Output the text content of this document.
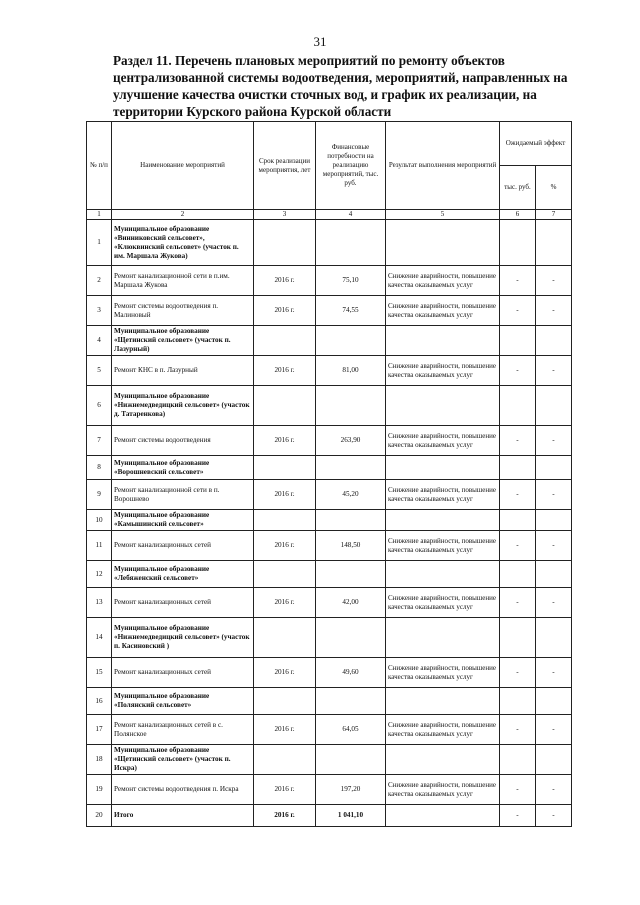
31
Раздел 11. Перечень плановых мероприятий по ремонту объектов
централизованной системы водоотведения, мероприятий, направленных на
улучшение качества очистки сточных вод, и график их реализации, на
территории Курского района Курской области
№ п/п	Наименование мероприятий	Срок реализации мероприятия, лет	Финансовые потребности на реализацию мероприятий, тыс. руб.	Результат выполнения мероприятий	Ожидаемый эффект	
					тыс. руб.	%
1	2	3	4	5	6	7
1	Муниципальное образование «Винниковский сельсовет», «Клюквинский сельсовет» (участок п. им. Маршала Жукова)					
2	Ремонт канализационной сети в п.им. Маршала Жукова	2016 г.	75,10	Снижение аварийности, повышение качества оказываемых услуг	-	-
3	Ремонт системы водоотведения п. Малиновый	2016 г.	74,55	Снижение аварийности, повышение качества оказываемых услуг	-	-
4	Муниципальное образование «Щетинский сельсовет» (участок п. Лазурный)					
5	Ремонт КНС в п. Лазурный	2016 г.	81,00	Снижение аварийности, повышение качества оказываемых услуг	-	-
6	Муниципальное образование «Нижнемедведицкий сельсовет» (участок д. Татаренкова)					
7	Ремонт системы водоотведения	2016 г.	263,90	Снижение аварийности, повышение качества оказываемых услуг	-	-
8	Муниципальное образование «Ворошневский сельсовет»					
9	Ремонт канализационной сети в п. Ворошнево	2016 г.	45,20	Снижение аварийности, повышение качества оказываемых услуг	-	-
10	Муниципальное образование «Камышинский сельсовет»					
11	Ремонт канализационных сетей	2016 г.	148,50	Снижение аварийности, повышение качества оказываемых услуг	-	-
12	Муниципальное образование «Лебяженский сельсовет»					
13	Ремонт канализационных сетей	2016 г.	42,00	Снижение аварийности, повышение качества оказываемых услуг	-	-
14	Муниципальное образование «Нижнемедведицкий сельсовет» (участок п. Касиновский )					
15	Ремонт канализационных сетей	2016 г.	49,60	Снижение аварийности, повышение качества оказываемых услуг	-	-
16	Муниципальное образование «Полянский сельсовет»					
17	Ремонт канализационных сетей в с. Полянское	2016 г.	64,05	Снижение аварийности, повышение качества оказываемых услуг	-	-
18	Муниципальное образование «Щетинский сельсовет» (участок п. Искра)					
19	Ремонт системы водоотведения п. Искра	2016 г.	197,20	Снижение аварийности, повышение качества оказываемых услуг	-	-
20	Итого	2016 г.	1 041,10		-	-
